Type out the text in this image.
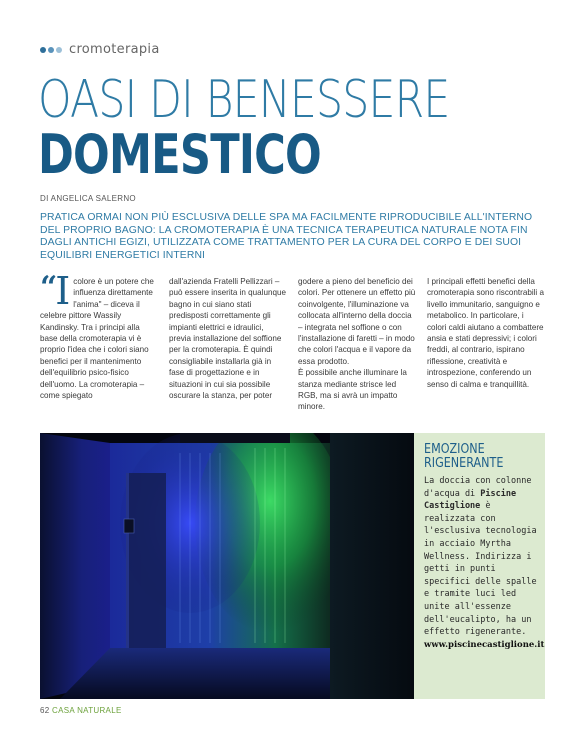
cromoterapia
OASI DI BENESSERE
DOMESTICO
DI ANGELICA SALERNO
PRATICA ORMAI NON PIÙ ESCLUSIVA DELLE SPA MA FACILMENTE RIPRODUCIBILE ALL'INTERNO DEL PROPRIO BAGNO: LA CROMOTERAPIA È UNA TECNICA TERAPEUTICA NATURALE NOTA FIN DAGLI ANTICHI EGIZI, UTILIZZATA COME TRATTAMENTO PER LA CURA DEL CORPO E DEI SUOI EQUILIBRI ENERGETICI INTERNI
“ I colore è un potere che influenza direttamente l'anima" – diceva il celebre pittore Wassily Kandinsky. Tra i principi alla base della cromoterapia vi è proprio l'idea che i colori siano benefici per il mantenimento dell'equilibrio psico-fisico dell'uomo. La cromoterapia – come spiegato

dall'azienda Fratelli Pellizzari – può essere inserita in qualunque bagno in cui siano stati predisposti correttamente gli impianti elettrici e idraulici, previa installazione del soffione per la cromoterapia. È quindi consigliabile installarla già in fase di progettazione e in situazioni in cui sia possibile oscurare la stanza, per poter

godere a pieno del beneficio dei colori. Per ottenere un effetto più coinvolgente, l'illuminazione va collocata all'interno della doccia – integrata nel soffione o con l'installazione di faretti – in modo che colori l'acqua e il vapore da essa prodotto.

È possibile anche illuminare la stanza mediante strisce led RGB, ma si avrà un impatto minore.

I principali effetti benefici della cromoterapia sono riscontrabili a livello immunitario, sanguigno e metabolico. In particolare, i colori caldi aiutano a combattere ansia e stati depressivi; i colori freddi, al contrario, ispirano riflessione, creatività e introspezione, conferendo un senso di calma e tranquillità.

EMOZIONE
RIGENERANTE
La doccia con colonne d'acqua di Piscine Castiglione è realizzata con l'esclusiva tecnologia in acciaio Myrtha Wellness. Indirizza i getti in punti specifici delle spalle e tramite luci led unite all'essenze dell'eucalipto, ha un effetto rigenerante.
www.piscinecastiglione.it
62 CASA NATURALE
